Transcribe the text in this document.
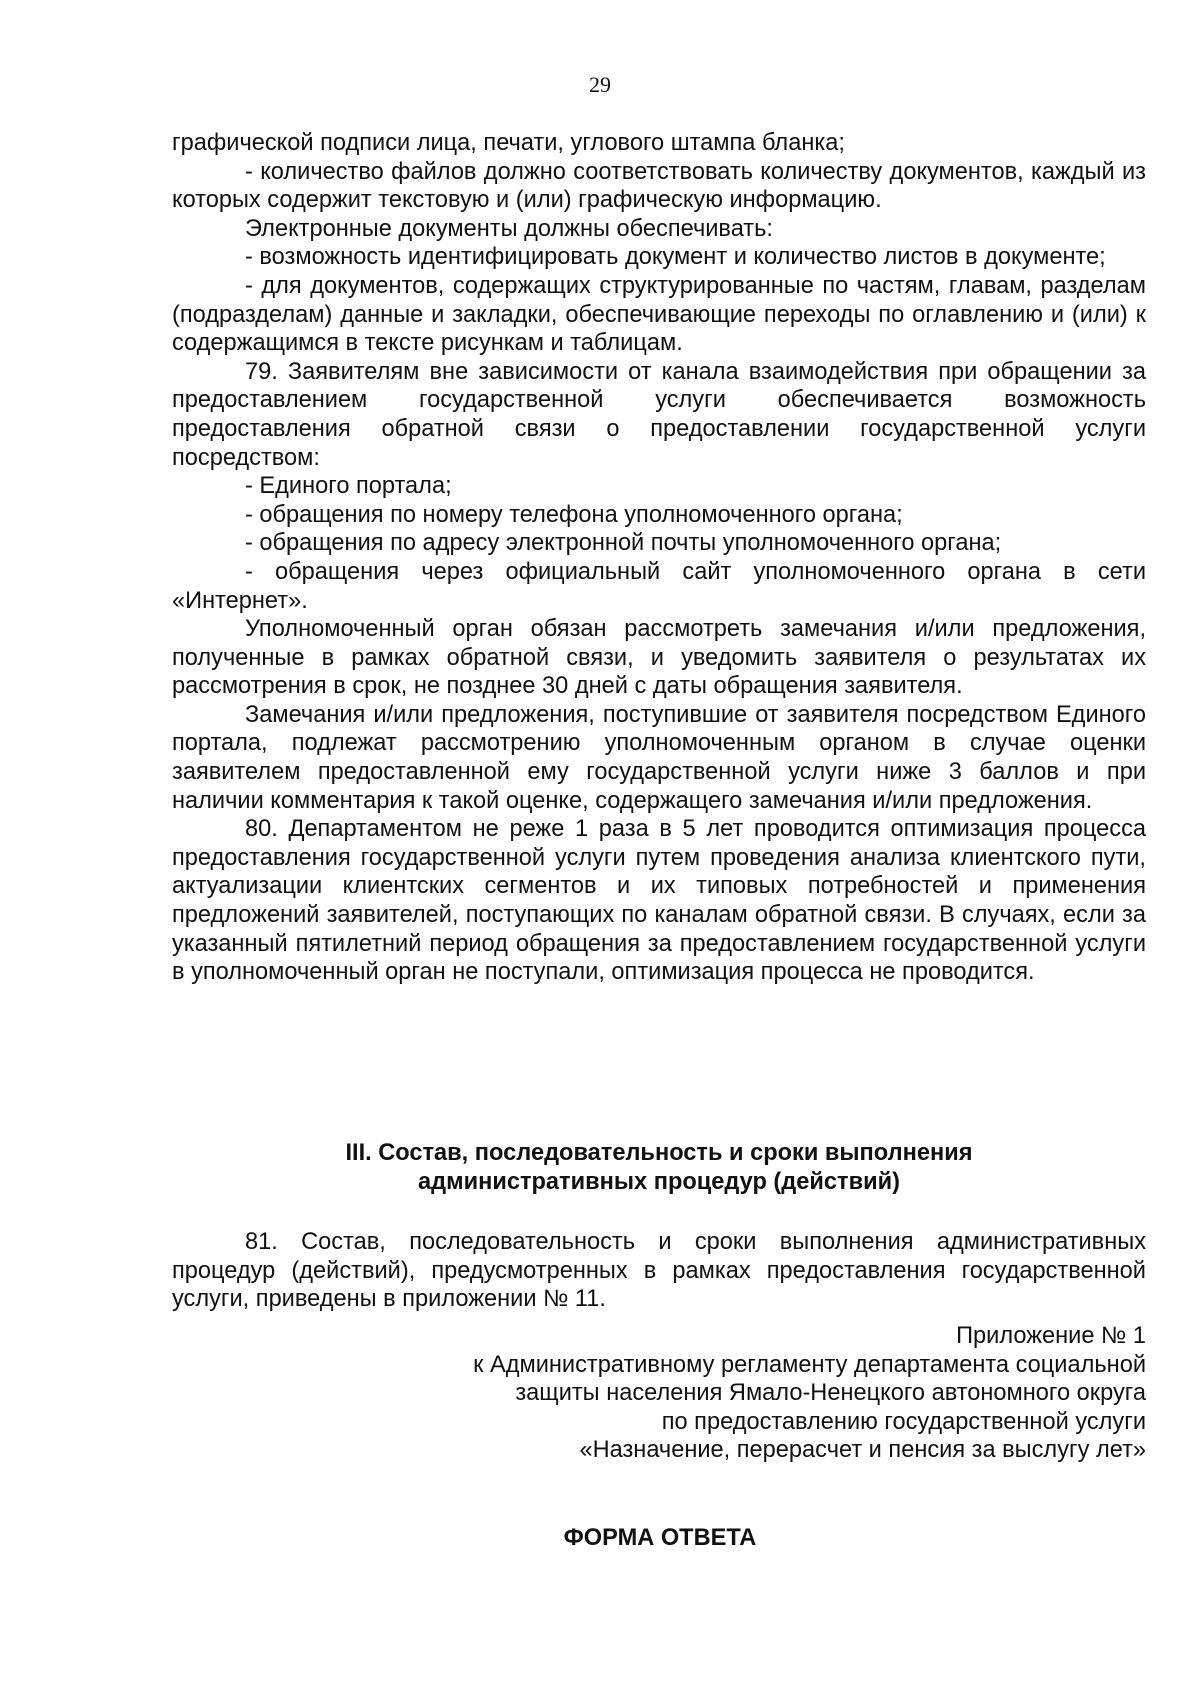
29

графической подписи лица, печати, углового штампа бланка;

- количество файлов должно соответствовать количеству документов, каждый из которых содержит текстовую и (или) графическую информацию.

Электронные документы должны обеспечивать:

- возможность идентифицировать документ и количество листов в документе;

- для документов, содержащих структурированные по частям, главам, разделам (подразделам) данные и закладки, обеспечивающие переходы по оглавлению и (или) к содержащимся в тексте рисункам и таблицам.

79. Заявителям вне зависимости от канала взаимодействия при обращении за предоставлением государственной услуги обеспечивается возможность предоставления обратной связи о предоставлении государственной услуги посредством:

- Единого портала;

- обращения по номеру телефона уполномоченного органа;

- обращения по адресу электронной почты уполномоченного органа;

- обращения через официальный сайт уполномоченного органа в сети «Интернет».

Уполномоченный орган обязан рассмотреть замечания и/или предложения, полученные в рамках обратной связи, и уведомить заявителя о результатах их рассмотрения в срок, не позднее 30 дней с даты обращения заявителя.

Замечания и/или предложения, поступившие от заявителя посредством Единого портала, подлежат рассмотрению уполномоченным органом в случае оценки заявителем предоставленной ему государственной услуги ниже 3 баллов и при наличии комментария к такой оценке, содержащего замечания и/или предложения.

80. Департаментом не реже 1 раза в 5 лет проводится оптимизация процесса предоставления государственной услуги путем проведения анализа клиентского пути, актуализации клиентских сегментов и их типовых потребностей и применения предложений заявителей, поступающих по каналам обратной связи. В случаях, если за указанный пятилетний период обращения за предоставлением государственной услуги в уполномоченный орган не поступали, оптимизация процесса не проводится.

III. Состав, последовательность и сроки выполнения
административных процедур (действий)

81. Состав, последовательность и сроки выполнения административных процедур (действий), предусмотренных в рамках предоставления государственной услуги, приведены в приложении № 11.

Приложение № 1
к Административному регламенту департамента социальной
защиты населения Ямало-Ненецкого автономного округа
по предоставлению государственной услуги
«Назначение, перерасчет и пенсия за выслугу лет»
ФОРМА ОТВЕТА
